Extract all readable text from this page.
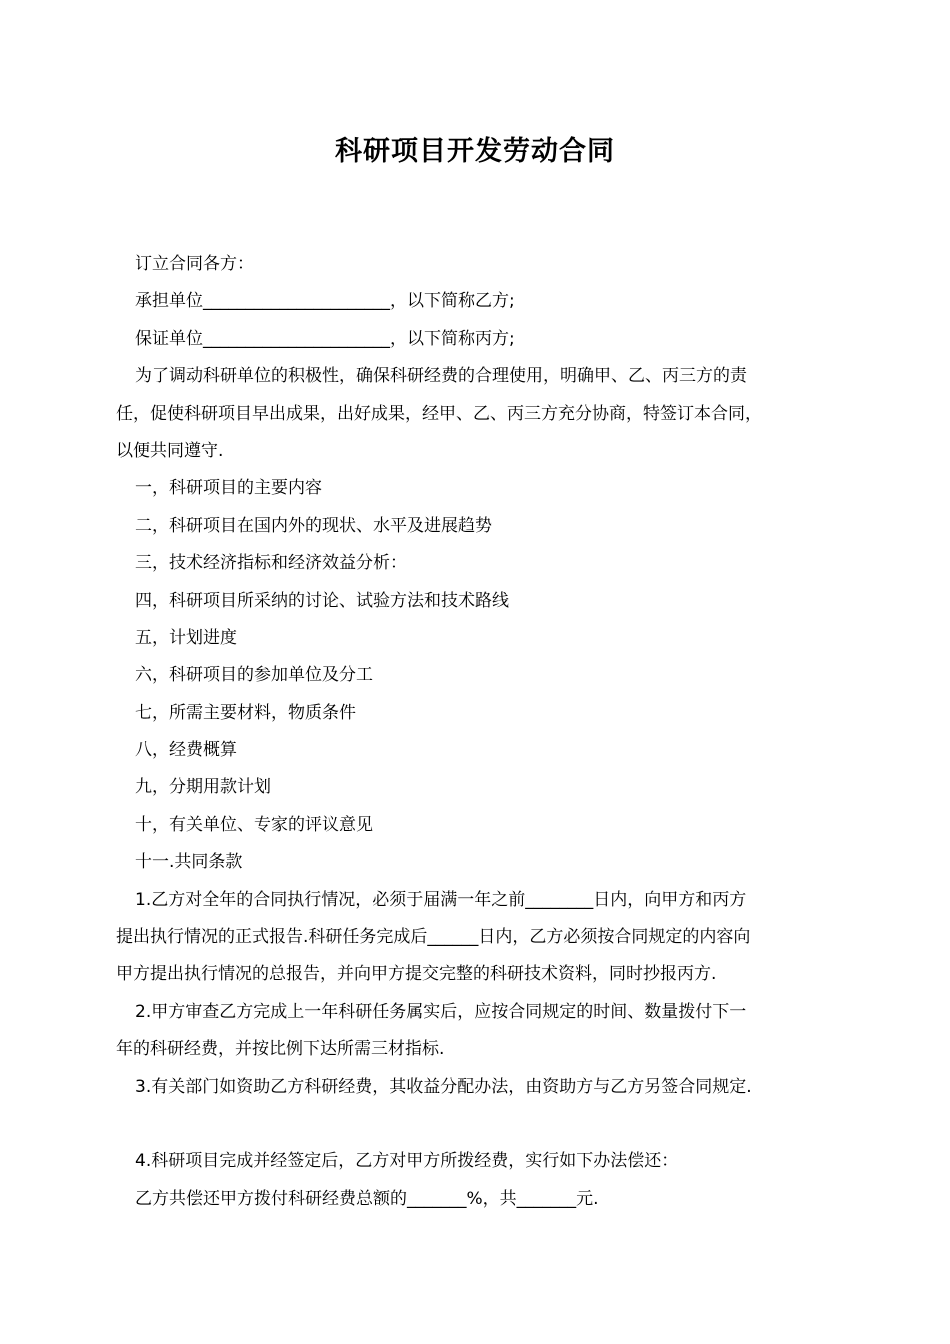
科研项目开发劳动合同
订立合同各方：
承担单位______________________，以下简称乙方;
保证单位______________________，以下简称丙方;
为了调动科研单位的积极性，确保科研经费的合理使用，明确甲、乙、丙三方的责
任，促使科研项目早出成果，出好成果，经甲、乙、丙三方充分协商，特签订本合同，
以便共同遵守.
一，科研项目的主要内容
二，科研项目在国内外的现状、水平及进展趋势
三，技术经济指标和经济效益分析：
四，科研项目所采纳的讨论、试验方法和技术路线
五，计划进度
六，科研项目的参加单位及分工
七，所需主要材料，物质条件
八，经费概算
九，分期用款计划
十，有关单位、专家的评议意见
十一.共同条款
1.乙方对全年的合同执行情况，必须于届满一年之前________日内，向甲方和丙方
提出执行情况的正式报告.科研任务完成后______日内，乙方必须按合同规定的内容向
甲方提出执行情况的总报告，并向甲方提交完整的科研技术资料，同时抄报丙方.
2.甲方审查乙方完成上一年科研任务属实后，应按合同规定的时间、数量拨付下一
年的科研经费，并按比例下达所需三材指标.
3.有关部门如资助乙方科研经费，其收益分配办法，由资助方与乙方另签合同规定.
4.科研项目完成并经签定后，乙方对甲方所拨经费，实行如下办法偿还：
乙方共偿还甲方拨付科研经费总额的_______%，共_______元.
